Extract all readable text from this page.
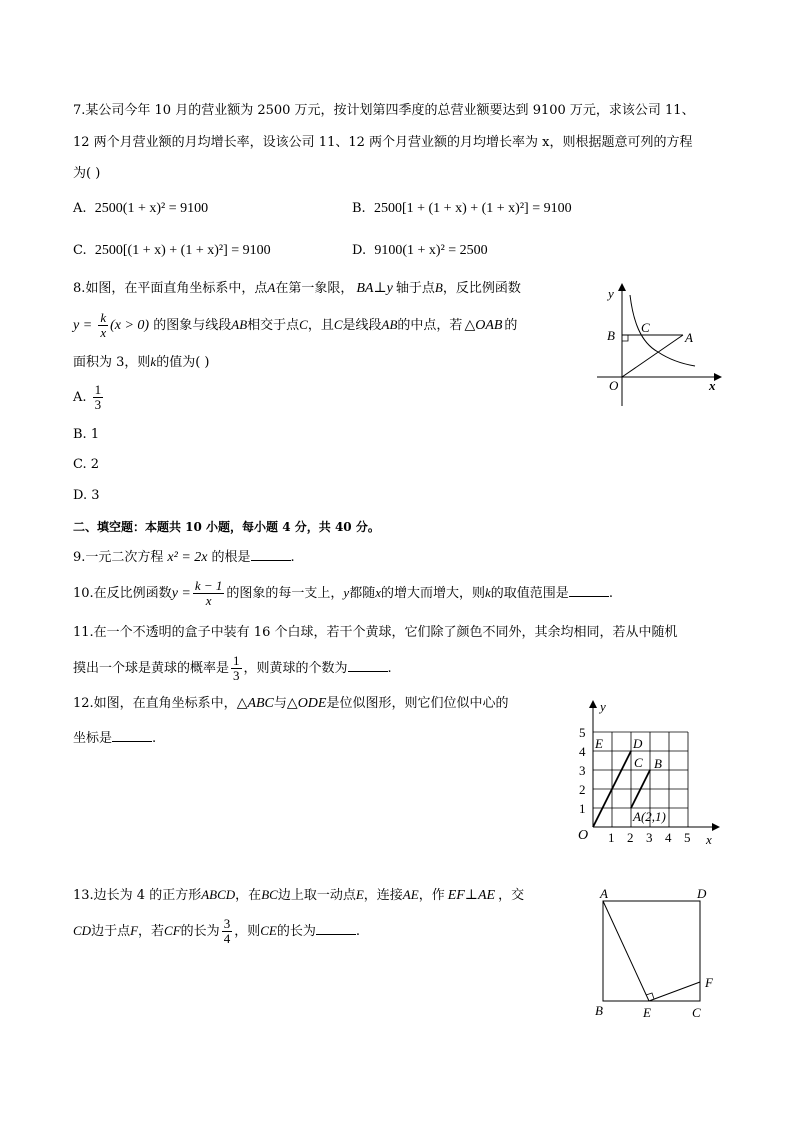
7.某公司今年 10 月的营业额为 2500 万元，按计划第四季度的总营业额要达到 9100 万元，求该公司 11、
12 两个月营业额的月均增长率，设该公司 11、12 两个月营业额的月均增长率为 x，则根据题意可列的方程
为( )
A. 2500(1 + x)² = 9100	B. 2500[1 + (1 + x) + (1 + x)²] = 9100
C. 2500[(1 + x) + (1 + x)²] = 9100	D. 9100(1 + x)² = 2500
8.如图，在平面直角坐标系中，点A在第一象限， BA⊥y 轴于点B，反比例函数
$y = \frac{k}{x} (x > 0)$ 的图象与线段AB相交于点C，且C是线段AB的中点，若 △OAB 的
面积为 3，则k的值为( )
A. $\frac{1}{3}$
B. 1
C. 2
D. 3
y
x
B
C
A
O
二、填空题：本题共 10 小题，每小题 4 分，共 40 分。
9.一元二次方程 x² = 2x 的根是	.
10.在反比例函数$y = \frac{k - 1}{x}$ 的图象的每一支上，y都随x的增大而增大，则k的取值范围是	.
11.在一个不透明的盒子中装有 16 个白球，若干个黄球，它们除了颜色不同外，其余均相同，若从中随机
摸出一个球是黄球的概率是 $\frac{1}{3}$ ，则黄球的个数为	.
12.如图，在直角坐标系中，△ABC与△ODE是位似图形，则它们位似中心的
坐标是	.
y
x
O
1
2
3
4
5
1 2 3 4 5
E D
C B
A(2,1)
13.边长为 4 的正方形ABCD，在BC边上取一动点E，连接AE，作 EF⊥AE ，交
CD边于点F，若CF的长为 $\frac{3}{4}$ ，则CE的长为	.
A	D
F
B	E	C
